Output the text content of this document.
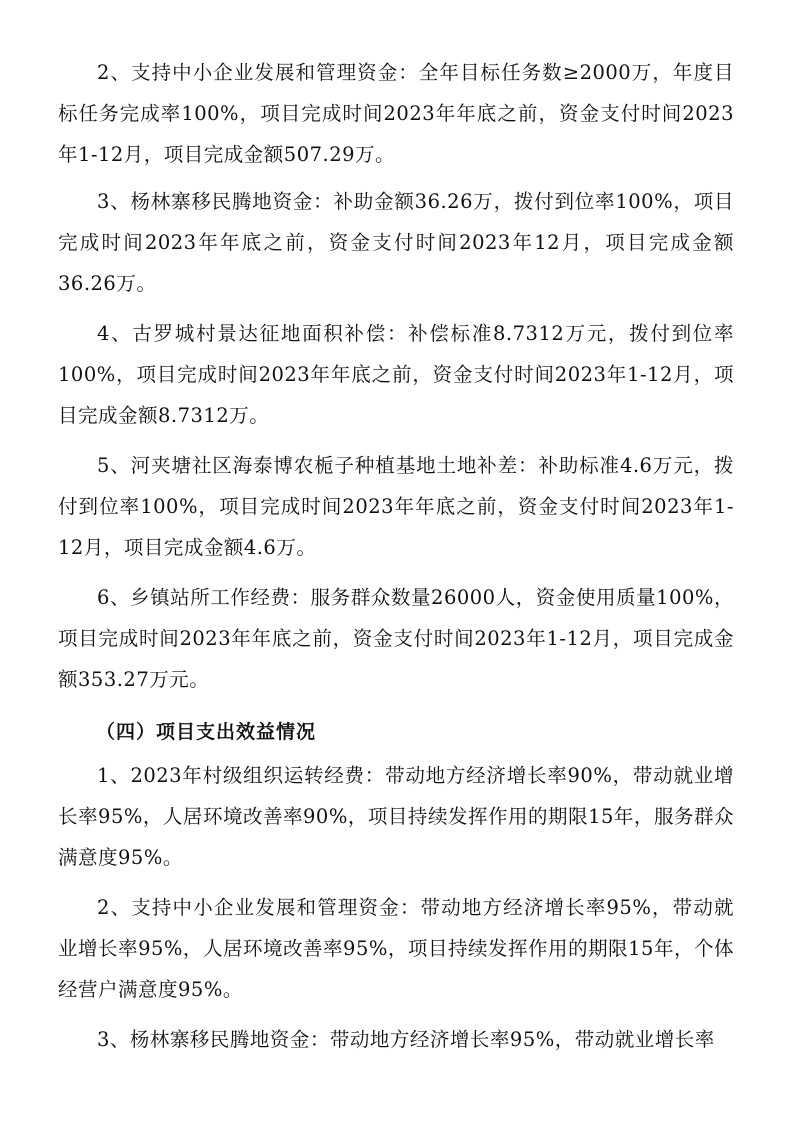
2、支持中小企业发展和管理资金：全年目标任务数≥2000万，年度目标任务完成率100%，项目完成时间2023年年底之前，资金支付时间2023年1-12月，项目完成金额507.29万。

3、杨林寨移民腾地资金：补助金额36.26万，拨付到位率100%，项目完成时间2023年年底之前，资金支付时间2023年12月，项目完成金额36.26万。

4、古罗城村景达征地面积补偿：补偿标准8.7312万元，拨付到位率100%，项目完成时间2023年年底之前，资金支付时间2023年1-12月，项目完成金额8.7312万。

5、河夹塘社区海泰博农栀子种植基地土地补差：补助标准4.6万元，拨付到位率100%，项目完成时间2023年年底之前，资金支付时间2023年1-12月，项目完成金额4.6万。

6、乡镇站所工作经费：服务群众数量26000人，资金使用质量100%，项目完成时间2023年年底之前，资金支付时间2023年1-12月，项目完成金额353.27万元。

（四）项目支出效益情况

1、2023年村级组织运转经费：带动地方经济增长率90%，带动就业增长率95%，人居环境改善率90%，项目持续发挥作用的期限15年，服务群众满意度95%。

2、支持中小企业发展和管理资金：带动地方经济增长率95%，带动就业增长率95%，人居环境改善率95%，项目持续发挥作用的期限15年，个体经营户满意度95%。

3、杨林寨移民腾地资金：带动地方经济增长率95%，带动就业增长率
